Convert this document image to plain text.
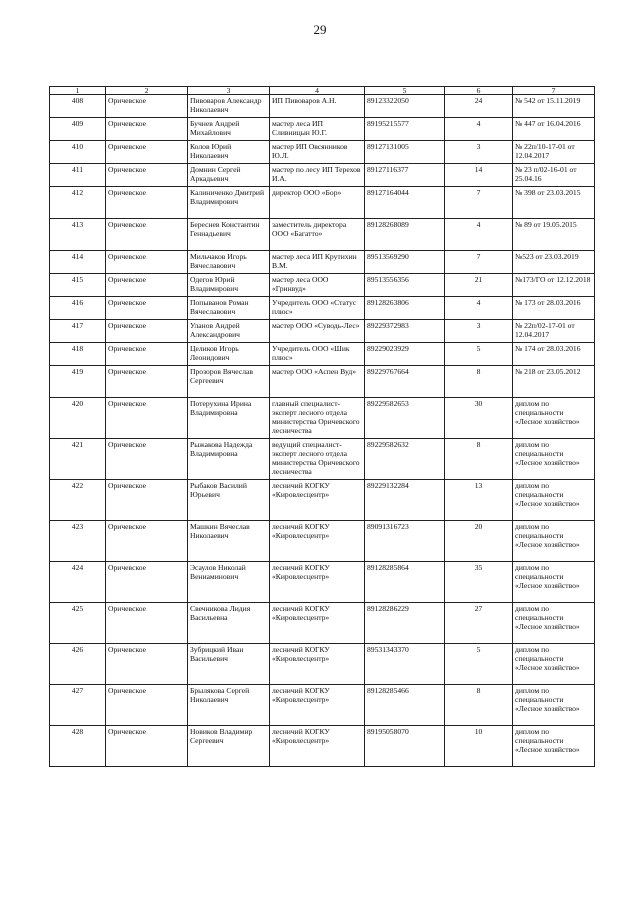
29
1	2	3	4	5	6	7
408	Оричевское	Пивоваров Александр Николаевич	ИП Пивоваров А.Н.	89123322050	24	№ 542 от 15.11.2019
409	Оричевское	Бучнев Андрей Михайлович	мастер леса ИП Сливницын Ю.Г.	89195215577	4	№ 447 от 16.04.2016
410	Оричевское	Колов Юрий Николаевич	мастер ИП Овсянников Ю.Л.	89127131005	3	№ 22п/10-17-01 от 12.04.2017
411	Оричевское	Домнин Сергей Аркадьевич	мастер по лесу ИП Терехов И.А.	89127116377	14	№ 23 п/02-16-01 от 25.04.16
412	Оричевское	Калиниченко Дмитрий Владимирович	директор ООО «Бор»	89127164044	7	№ 398 от 23.03.2015
413	Оричевское	Береснев Константин Геннадьевич	заместитель директора ООО «Багатто»	89128268089	4	№ 89 от 19.05.2015
414	Оричевское	Мильчаков Игорь Вячеславович	мастер леса ИП Крутихин В.М.	89513569290	7	№523 от 23.03.2019
415	Оричевское	Одегов Юрий Владимирович	мастер леса ООО «Гринвуд»	89513556356	21	№173/ГО от 12.12.2018
416	Оричевское	Попыванов Роман Вячеславович	Учредитель ООО «Статус плюс»	89128263806	4	№ 173 от 28.03.2016
417	Оричевское	Уланов Андрей Александрович	мастер ООО «Суводь-Лес»	89229372983	3	№ 22п/02-17-01 от 12.04.2017
418	Оричевское	Целиков Игорь Леонидович	Учредитель ООО «Шик плюс»	89229023929	5	№ 174 от 28.03.2016
419	Оричевское	Прозоров Вячеслав Сергеевич	мастер ООО «Аспен Вуд»	89229767664	8	№ 218 от 23.05.2012
420	Оричевское	Потерухина Ирина Владимировна	главный специалист-эксперт лесного отдела министерства Оричевского лесничества	89229582653	30	диплом по специальности «Лесное хозяйство»
421	Оричевское	Рыжакова Надежда Владимировна	ведущий специалист-эксперт лесного отдела министерства Оричевского лесничества	89229582632	8	диплом по специальности «Лесное хозяйство»
422	Оричевское	Рыбаков Василий Юрьевич	лесничий КОГКУ «Кировлесцентр»	89229132284	13	диплом по специальности «Лесное хозяйство»
423	Оричевское	Машкин Вячеслав Николаевич	лесничий КОГКУ «Кировлесцентр»	89091316723	20	диплом по специальности «Лесное хозяйство»
424	Оричевское	Эсаулов Николай Вениаминович	лесничий КОГКУ «Кировлесцентр»	89128285864	35	диплом по специальности «Лесное хозяйство»
425	Оричевское	Свечникова Лидия Васильевна	лесничий КОГКУ «Кировлесцентр»	89128286229	27	диплом по специальности «Лесное хозяйство»
426	Оричевское	Зубрицкий Иван Васильевич	лесничий КОГКУ «Кировлесцентр»	89531343370	5	диплом по специальности «Лесное хозяйство»
427	Оричевское	Брылякова Сергей Николаевич	лесничий КОГКУ «Кировлесцентр»	89128285466	8	диплом по специальности «Лесное хозяйство»
428	Оричевское	Новиков Владимир Сергеевич	лесничий КОГКУ «Кировлесцентр»	89195058070	10	диплом по специальности «Лесное хозяйство»
